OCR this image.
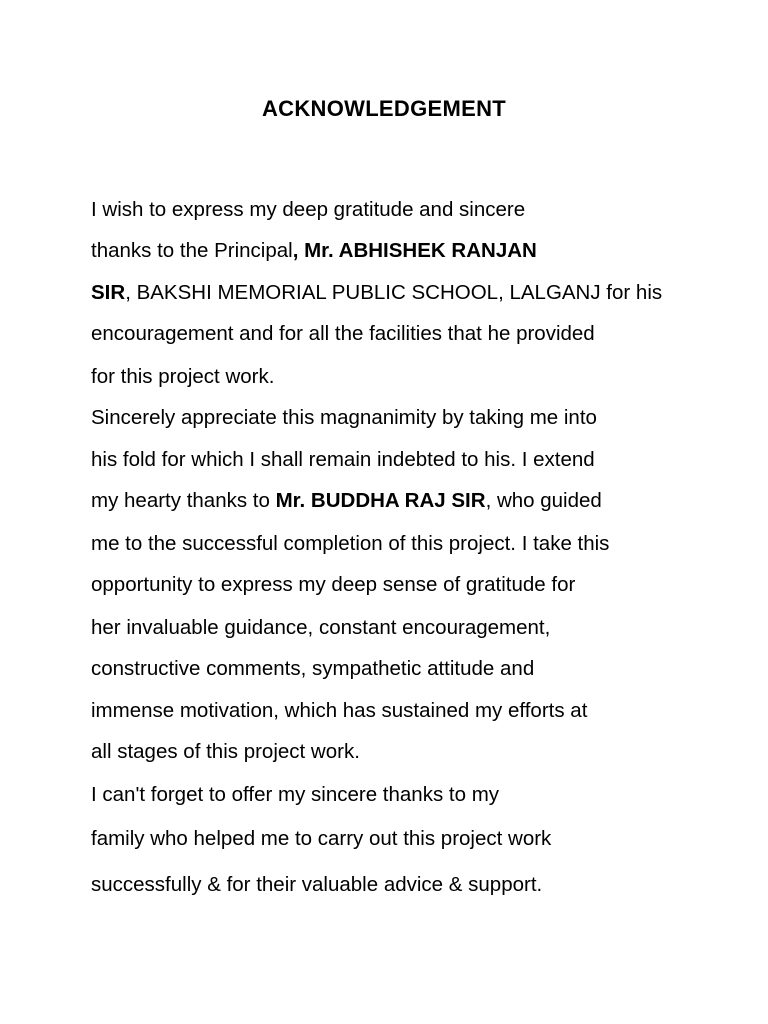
ACKNOWLEDGEMENT
I wish to express my deep gratitude and sincere
thanks to the Principal, Mr. ABHISHEK RANJAN
SIR, BAKSHI MEMORIAL PUBLIC SCHOOL, LALGANJ for his
encouragement and for all the facilities that he provided
for this project work.
Sincerely appreciate this magnanimity by taking me into
his fold for which I shall remain indebted to his. I extend
my hearty thanks to Mr. BUDDHA RAJ SIR, who guided
me to the successful completion of this project. I take this
opportunity to express my deep sense of gratitude for
her invaluable guidance, constant encouragement,
constructive comments, sympathetic attitude and
immense motivation, which has sustained my efforts at
all stages of this project work.
I can't forget to offer my sincere thanks to my
family who helped me to carry out this project work
successfully & for their valuable advice & support.
